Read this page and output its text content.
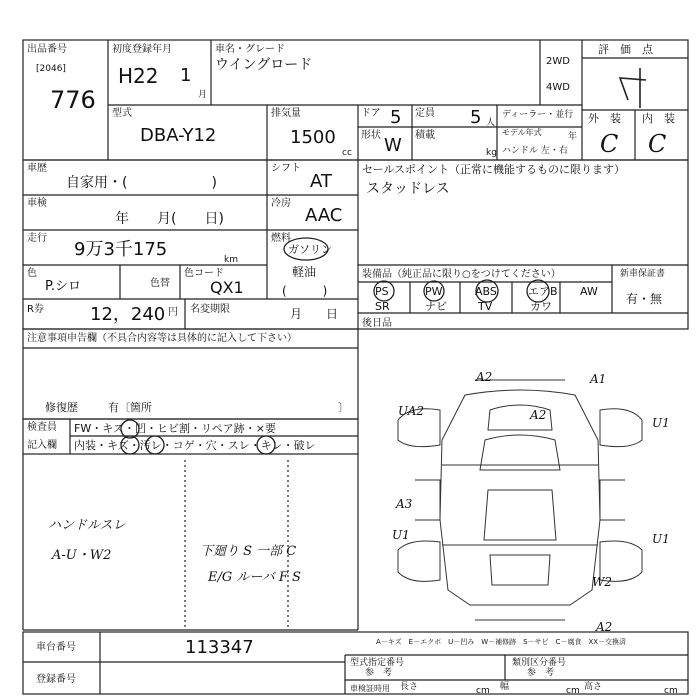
出品番号
[2046]
776
初度登録年月
H22 1
月
車名・グレード
ウイングロード	2WD
4WD
評　価　点
型式
DBA-Y12
排気量
1500
cc
ドア 5 定員 5 人
ディーラー・並行
モデル年式	年
形状 W 積載
kg ハンドル 左・右
外　装 内　装
C C
車歴
自家用・(　　　　　　)
シフト
AT
セールスポイント（正常に機能するものに限ります）
スタッドレス
車検
年　　月(　　日)
冷房
AAC
走行
9万3千175	km
燃料
ガソリン
軽油
(　　　)
色
P.シロ	色替
色コード
QX1
装備品（純正品に限り○をつけてください）	新車保証書
有・無
PS	PW	ABS	エアB AW
SR	ナビ	TV	カワ
R券	12，240 円 名変期限	月　　日
後日品
注意事項申告欄（不具合内容等は具体的に記入して下さい）
修復歴	有〔箇所	〕
検査員
記入欄
FW・キズ・凹・ヒビ割・リペア跡・×要
内装・キズ・汚レ・コゲ・穴・スレ・キレ・破レ
ハンドルスレ
A-U・W2	下廻り S 一部 C
E/G ルーバ F S
A2	A1
UA2	A2
U1
A3
U1	U1
W2
A2
A－キズ　E－エクボ　U－凹み　W－補修跡　S－サビ　C－腐食　XX－交換済
車台番号	113347
登録番号
型式指定番号
参　考
類別区分番号
参　考
車検証時用 長さ	cm 幅	cm 高さ	cm
